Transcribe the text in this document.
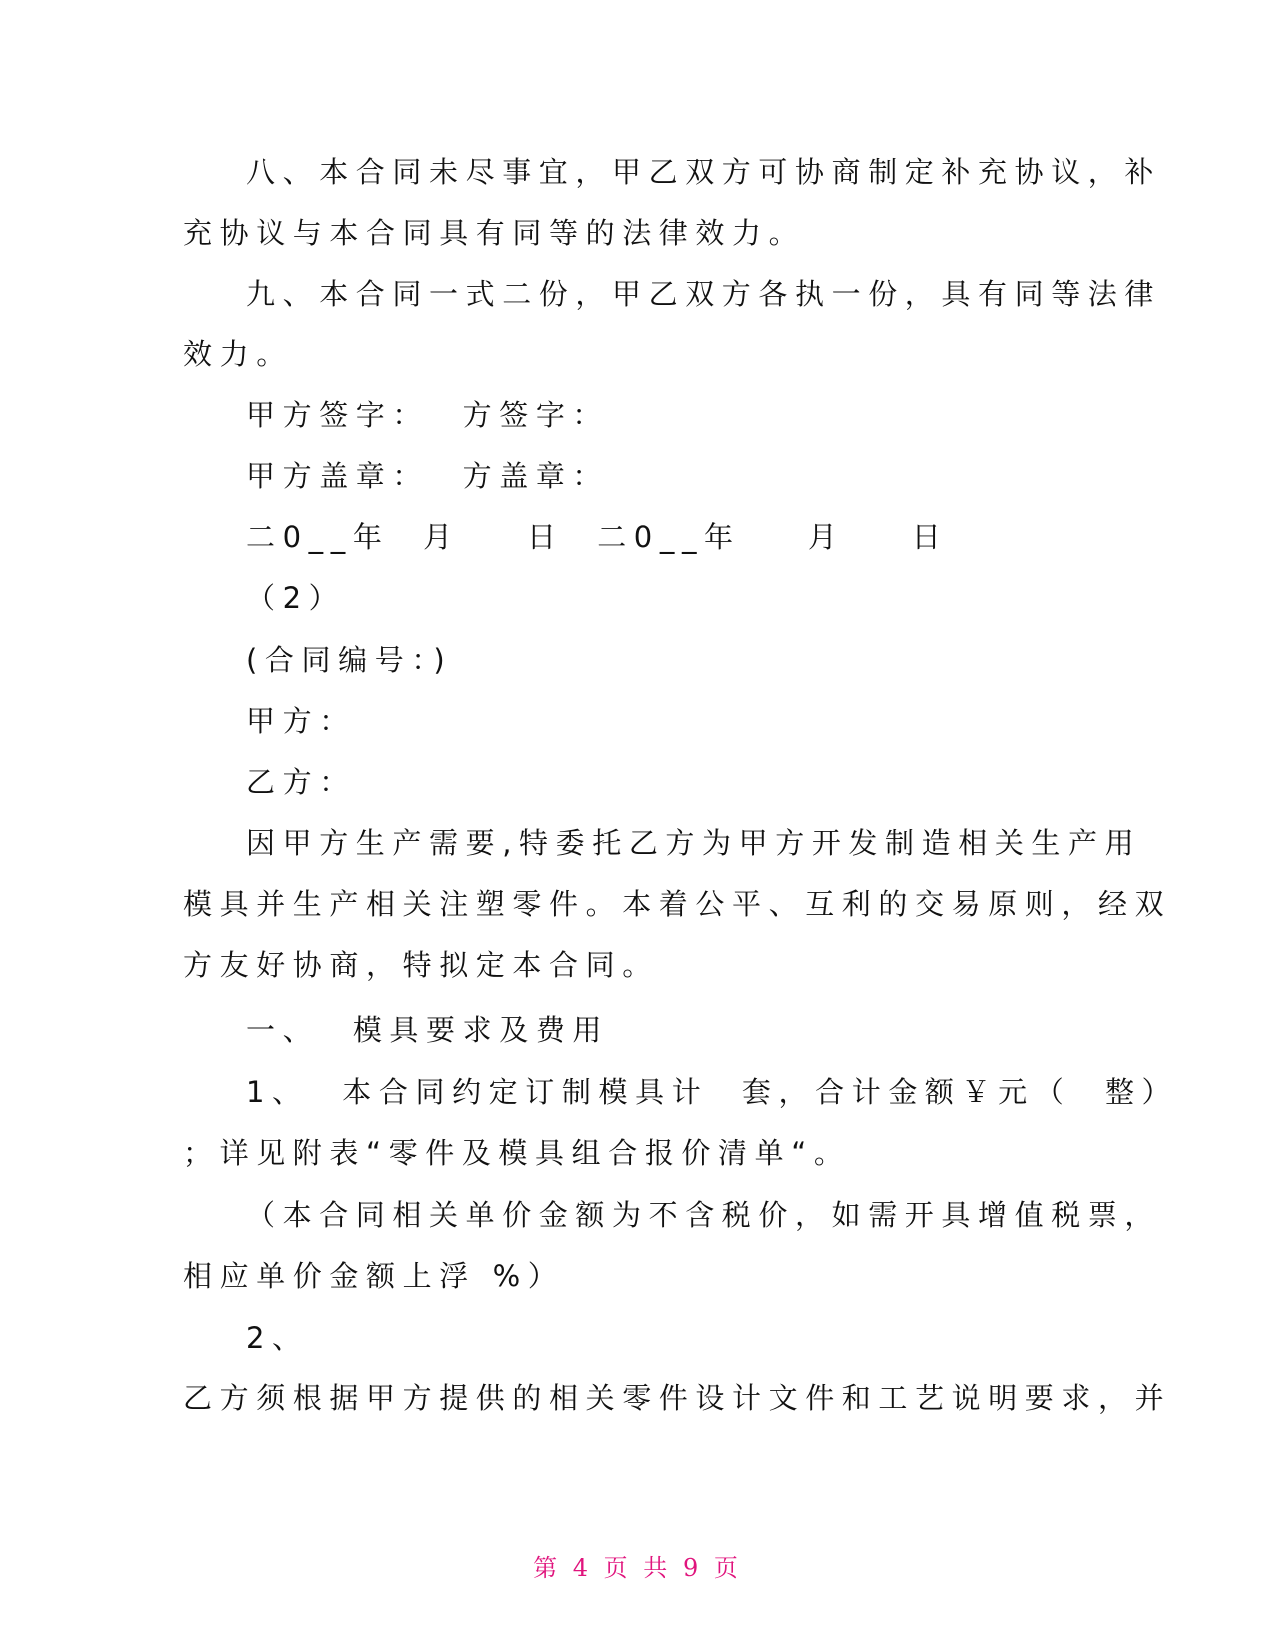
八、本合同未尽事宜，甲乙双方可协商制定补充协议，补

充协议与本合同具有同等的法律效力。

九、本合同一式二份，甲乙双方各执一份，具有同等法律

效力。

甲方签字：  方签字：

甲方盖章：  方盖章：

二0__年  月    日  二0__年    月    日

（2）

(合同编号：)

甲方：

乙方：

因甲方生产需要,特委托乙方为甲方开发制造相关生产用

模具并生产相关注塑零件。本着公平、互利的交易原则，经双

方友好协商，特拟定本合同。

一、  模具要求及费用

1、  本合同约定订制模具计  套，合计金额￥元（  整）

；详见附表“零件及模具组合报价清单“。

（本合同相关单价金额为不含税价，如需开具增值税票，

相应单价金额上浮 %）

2、

乙方须根据甲方提供的相关零件设计文件和工艺说明要求，并

第 4 页 共 9 页
